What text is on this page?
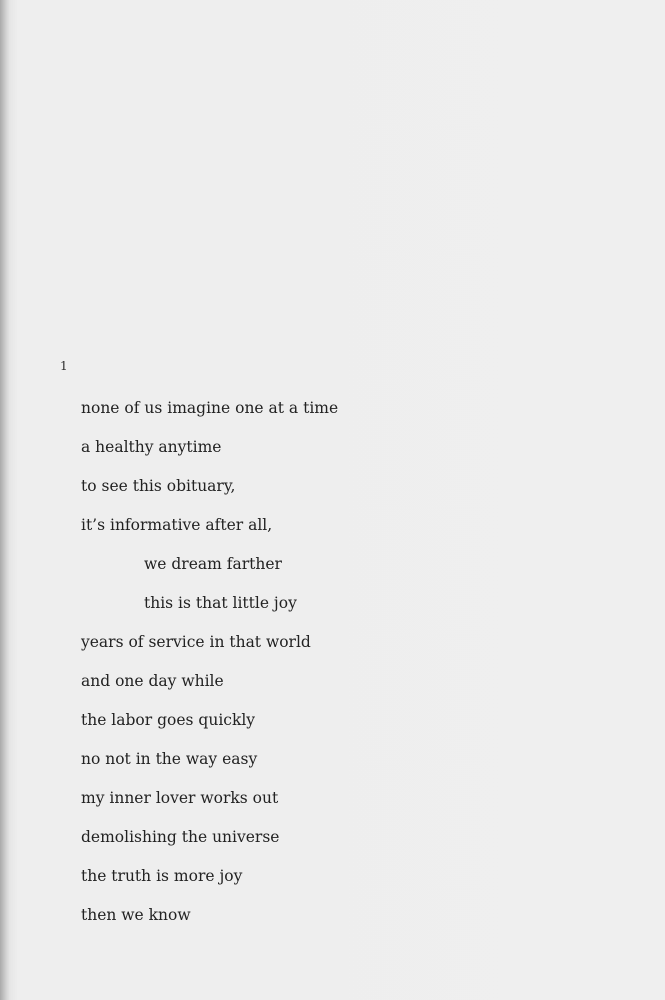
1
none of us imagine one at a time
a healthy anytime
to see this obituary,
it’s informative after all,
we dream farther
this is that little joy
years of service in that world
and one day while
the labor goes quickly
no not in the way easy
my inner lover works out
demolishing the universe
the truth is more joy
then we know
